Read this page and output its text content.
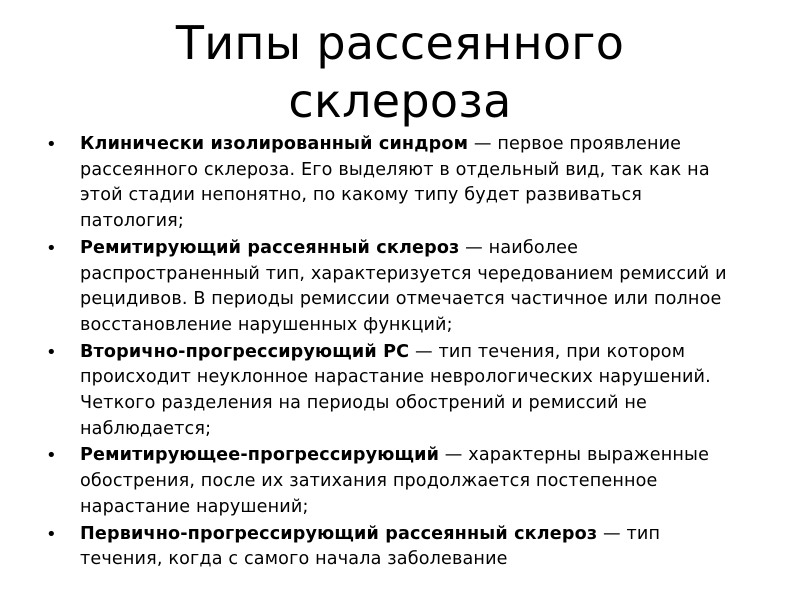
Типы рассеянного
склероза
• Клинически изолированный синдром — первое проявление рассеянного склероза. Его выделяют в отдельный вид, так как на этой стадии непонятно, по какому типу будет развиваться патология;
• Ремитирующий рассеянный склероз — наиболее распространенный тип, характеризуется чередованием ремиссий и рецидивов. В периоды ремиссии отмечается частичное или полное восстановление нарушенных функций;
• Вторично-прогрессирующий РС — тип течения, при котором происходит неуклонное нарастание неврологических нарушений. Четкого разделения на периоды обострений и ремиссий не наблюдается;
• Ремитирующее-прогрессирующий — характерны выраженные обострения, после их затихания продолжается постепенное нарастание нарушений;
• Первично-прогрессирующий рассеянный склероз — тип течения, когда с самого начала заболевание
